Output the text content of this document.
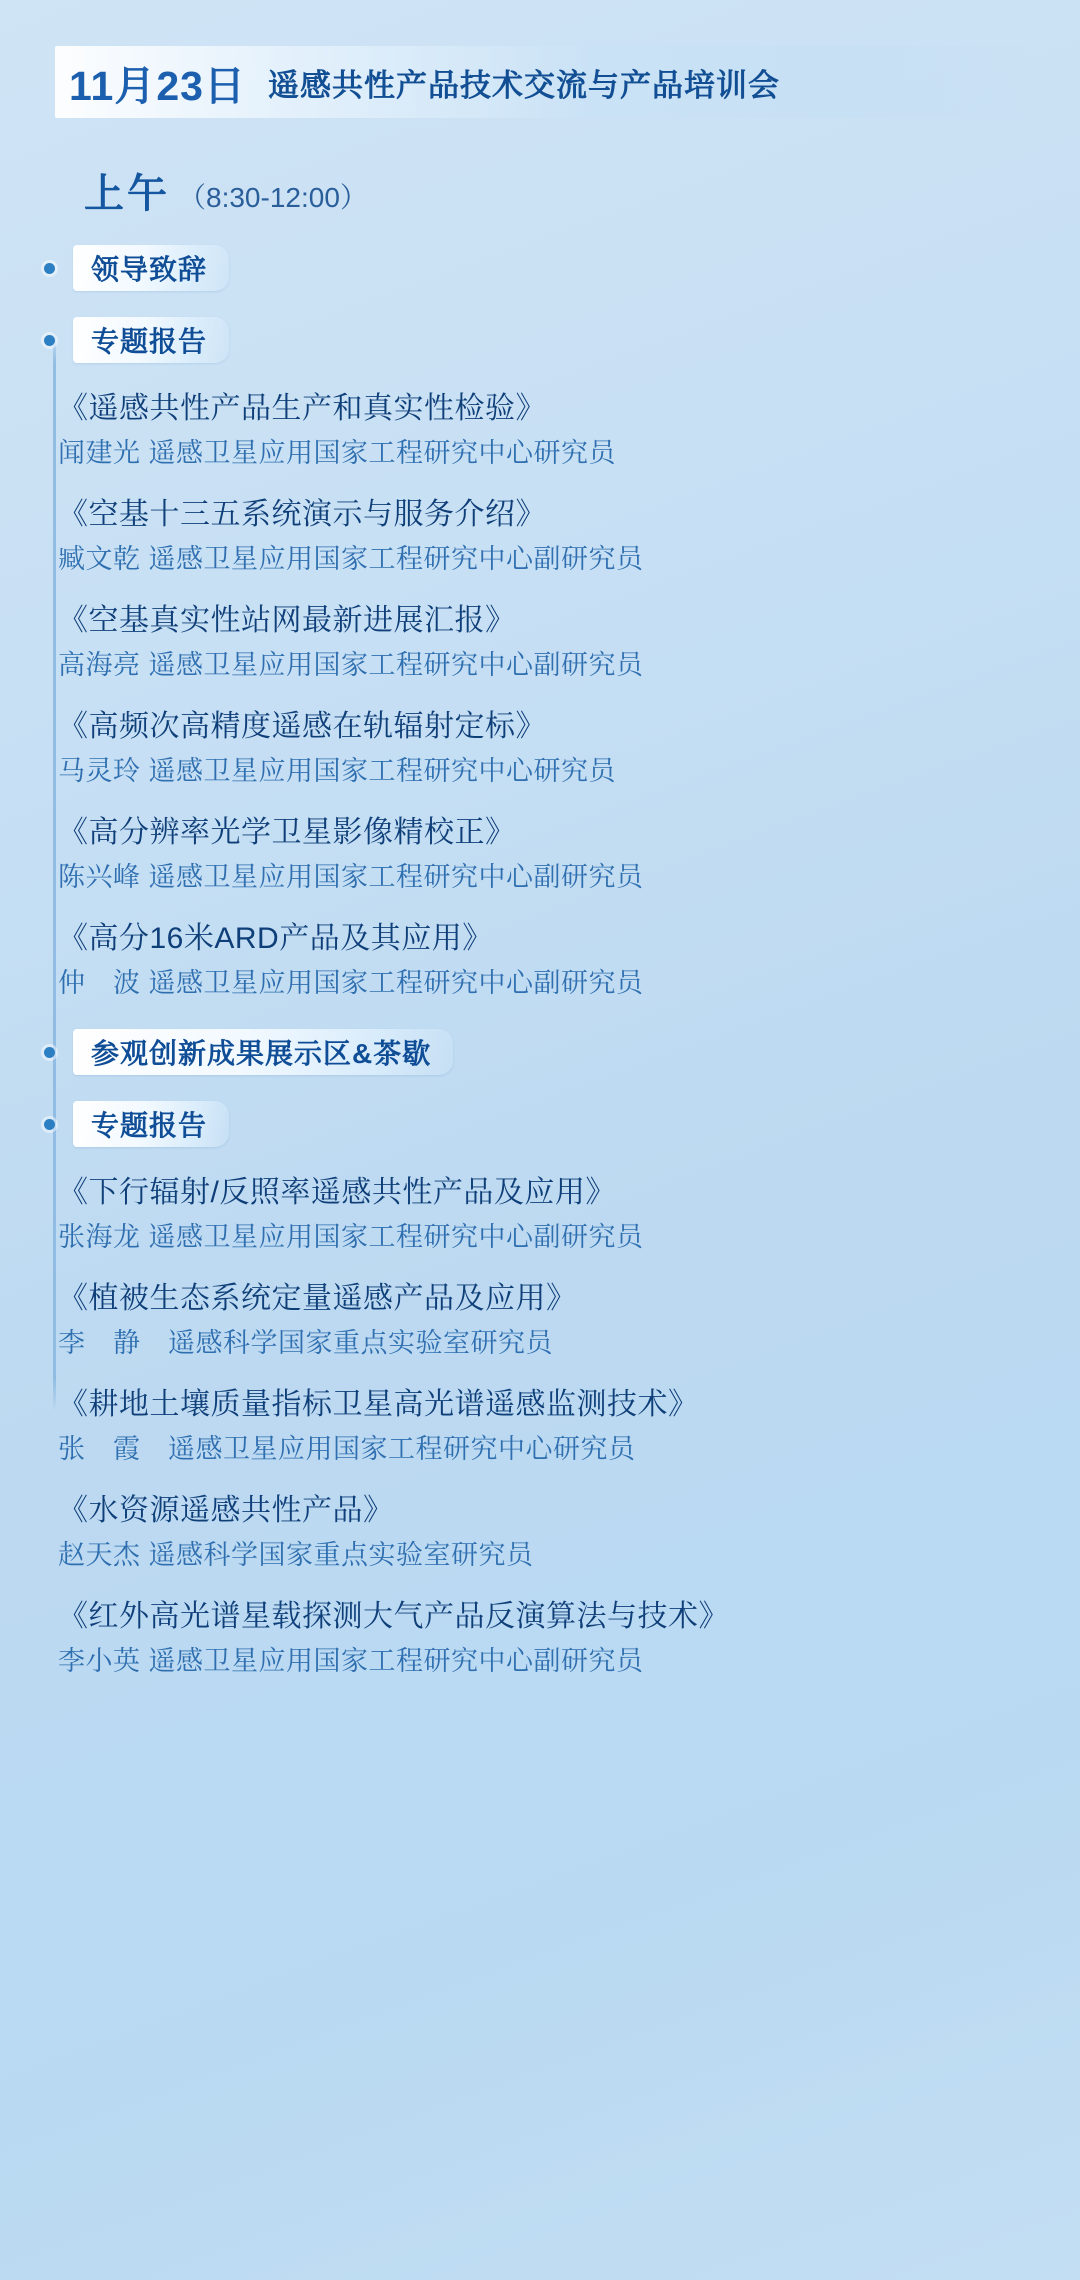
11月23日 遥感共性产品技术交流与产品培训会
上午 （8:30-12:00）
领导致辞
专题报告
《遥感共性产品生产和真实性检验》
闻建光 遥感卫星应用国家工程研究中心研究员
《空基十三五系统演示与服务介绍》
臧文乾 遥感卫星应用国家工程研究中心副研究员
《空基真实性站网最新进展汇报》
高海亮 遥感卫星应用国家工程研究中心副研究员
《高频次高精度遥感在轨辐射定标》
马灵玲 遥感卫星应用国家工程研究中心研究员
《高分辨率光学卫星影像精校正》
陈兴峰 遥感卫星应用国家工程研究中心副研究员
《高分16米ARD产品及其应用》
仲　波 遥感卫星应用国家工程研究中心副研究员
参观创新成果展示区&茶歇
专题报告
《下行辐射/反照率遥感共性产品及应用》
张海龙 遥感卫星应用国家工程研究中心副研究员
《植被生态系统定量遥感产品及应用》
李　静　遥感科学国家重点实验室研究员
《耕地土壤质量指标卫星高光谱遥感监测技术》
张　霞　遥感卫星应用国家工程研究中心研究员
《水资源遥感共性产品》
赵天杰 遥感科学国家重点实验室研究员
《红外高光谱星载探测大气产品反演算法与技术》
李小英 遥感卫星应用国家工程研究中心副研究员
